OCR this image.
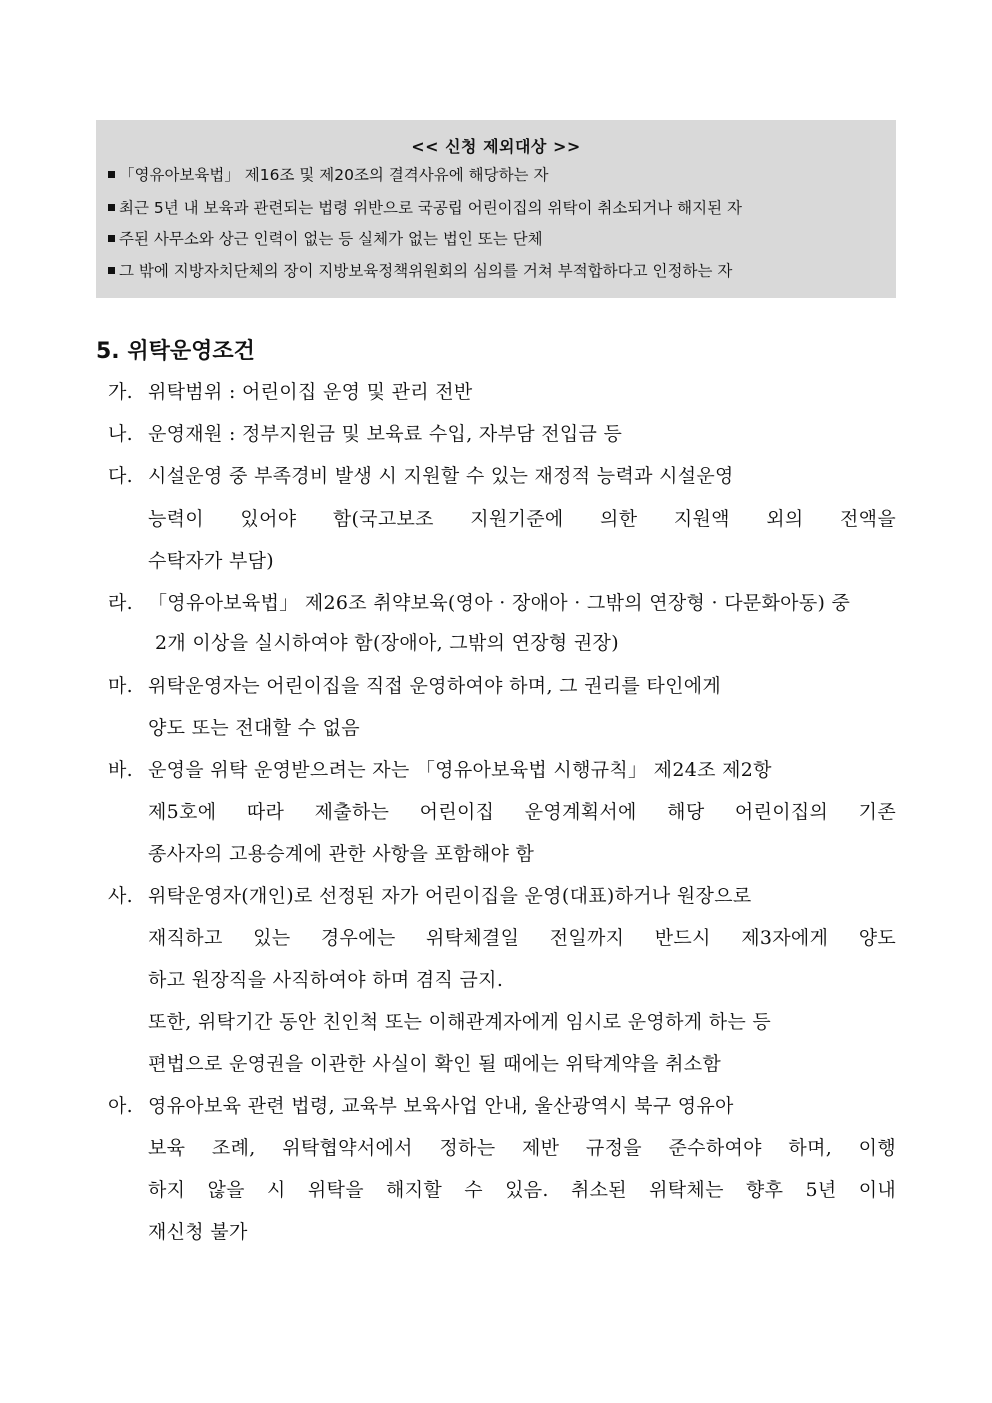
<< 신청 제외대상 >>
「영유아보육법」 제16조 및 제20조의 결격사유에 해당하는 자
최근 5년 내 보육과 관련되는 법령 위반으로 국공립 어린이집의 위탁이 취소되거나 해지된 자
주된 사무소와 상근 인력이 없는 등 실체가 없는 법인 또는 단체
그 밖에 지방자치단체의 장이 지방보육정책위원회의 심의를 거쳐 부적합하다고 인정하는 자
5. 위탁운영조건
가. 위탁범위 : 어린이집 운영 및 관리 전반
나. 운영재원 : 정부지원금 및 보육료 수입, 자부담 전입금 등
다. 시설운영 중 부족경비 발생 시 지원할 수 있는 재정적 능력과 시설운영
능력이 있어야 함(국고보조 지원기준에 의한 지원액 외의 전액을
수탁자가 부담)
라. 「영유아보육법」 제26조 취약보육(영아 · 장애아 · 그밖의 연장형 · 다문화아동) 중
2개 이상을 실시하여야 함(장애아, 그밖의 연장형 권장)
마. 위탁운영자는 어린이집을 직접 운영하여야 하며, 그 권리를 타인에게
양도 또는 전대할 수 없음
바. 운영을 위탁 운영받으려는 자는 「영유아보육법 시행규칙」 제24조 제2항
제5호에 따라 제출하는 어린이집 운영계획서에 해당 어린이집의 기존
종사자의 고용승계에 관한 사항을 포함해야 함
사. 위탁운영자(개인)로 선정된 자가 어린이집을 운영(대표)하거나 원장으로
재직하고 있는 경우에는 위탁체결일 전일까지 반드시 제3자에게 양도
하고 원장직을 사직하여야 하며 겸직 금지.
또한, 위탁기간 동안 친인척 또는 이해관계자에게 임시로 운영하게 하는 등
편법으로 운영권을 이관한 사실이 확인 될 때에는 위탁계약을 취소함
아. 영유아보육 관련 법령, 교육부 보육사업 안내, 울산광역시 북구 영유아
보육 조례, 위탁협약서에서 정하는 제반 규정을 준수하여야 하며, 이행
하지 않을 시 위탁을 해지할 수 있음. 취소된 위탁체는 향후 5년 이내
재신청 불가
